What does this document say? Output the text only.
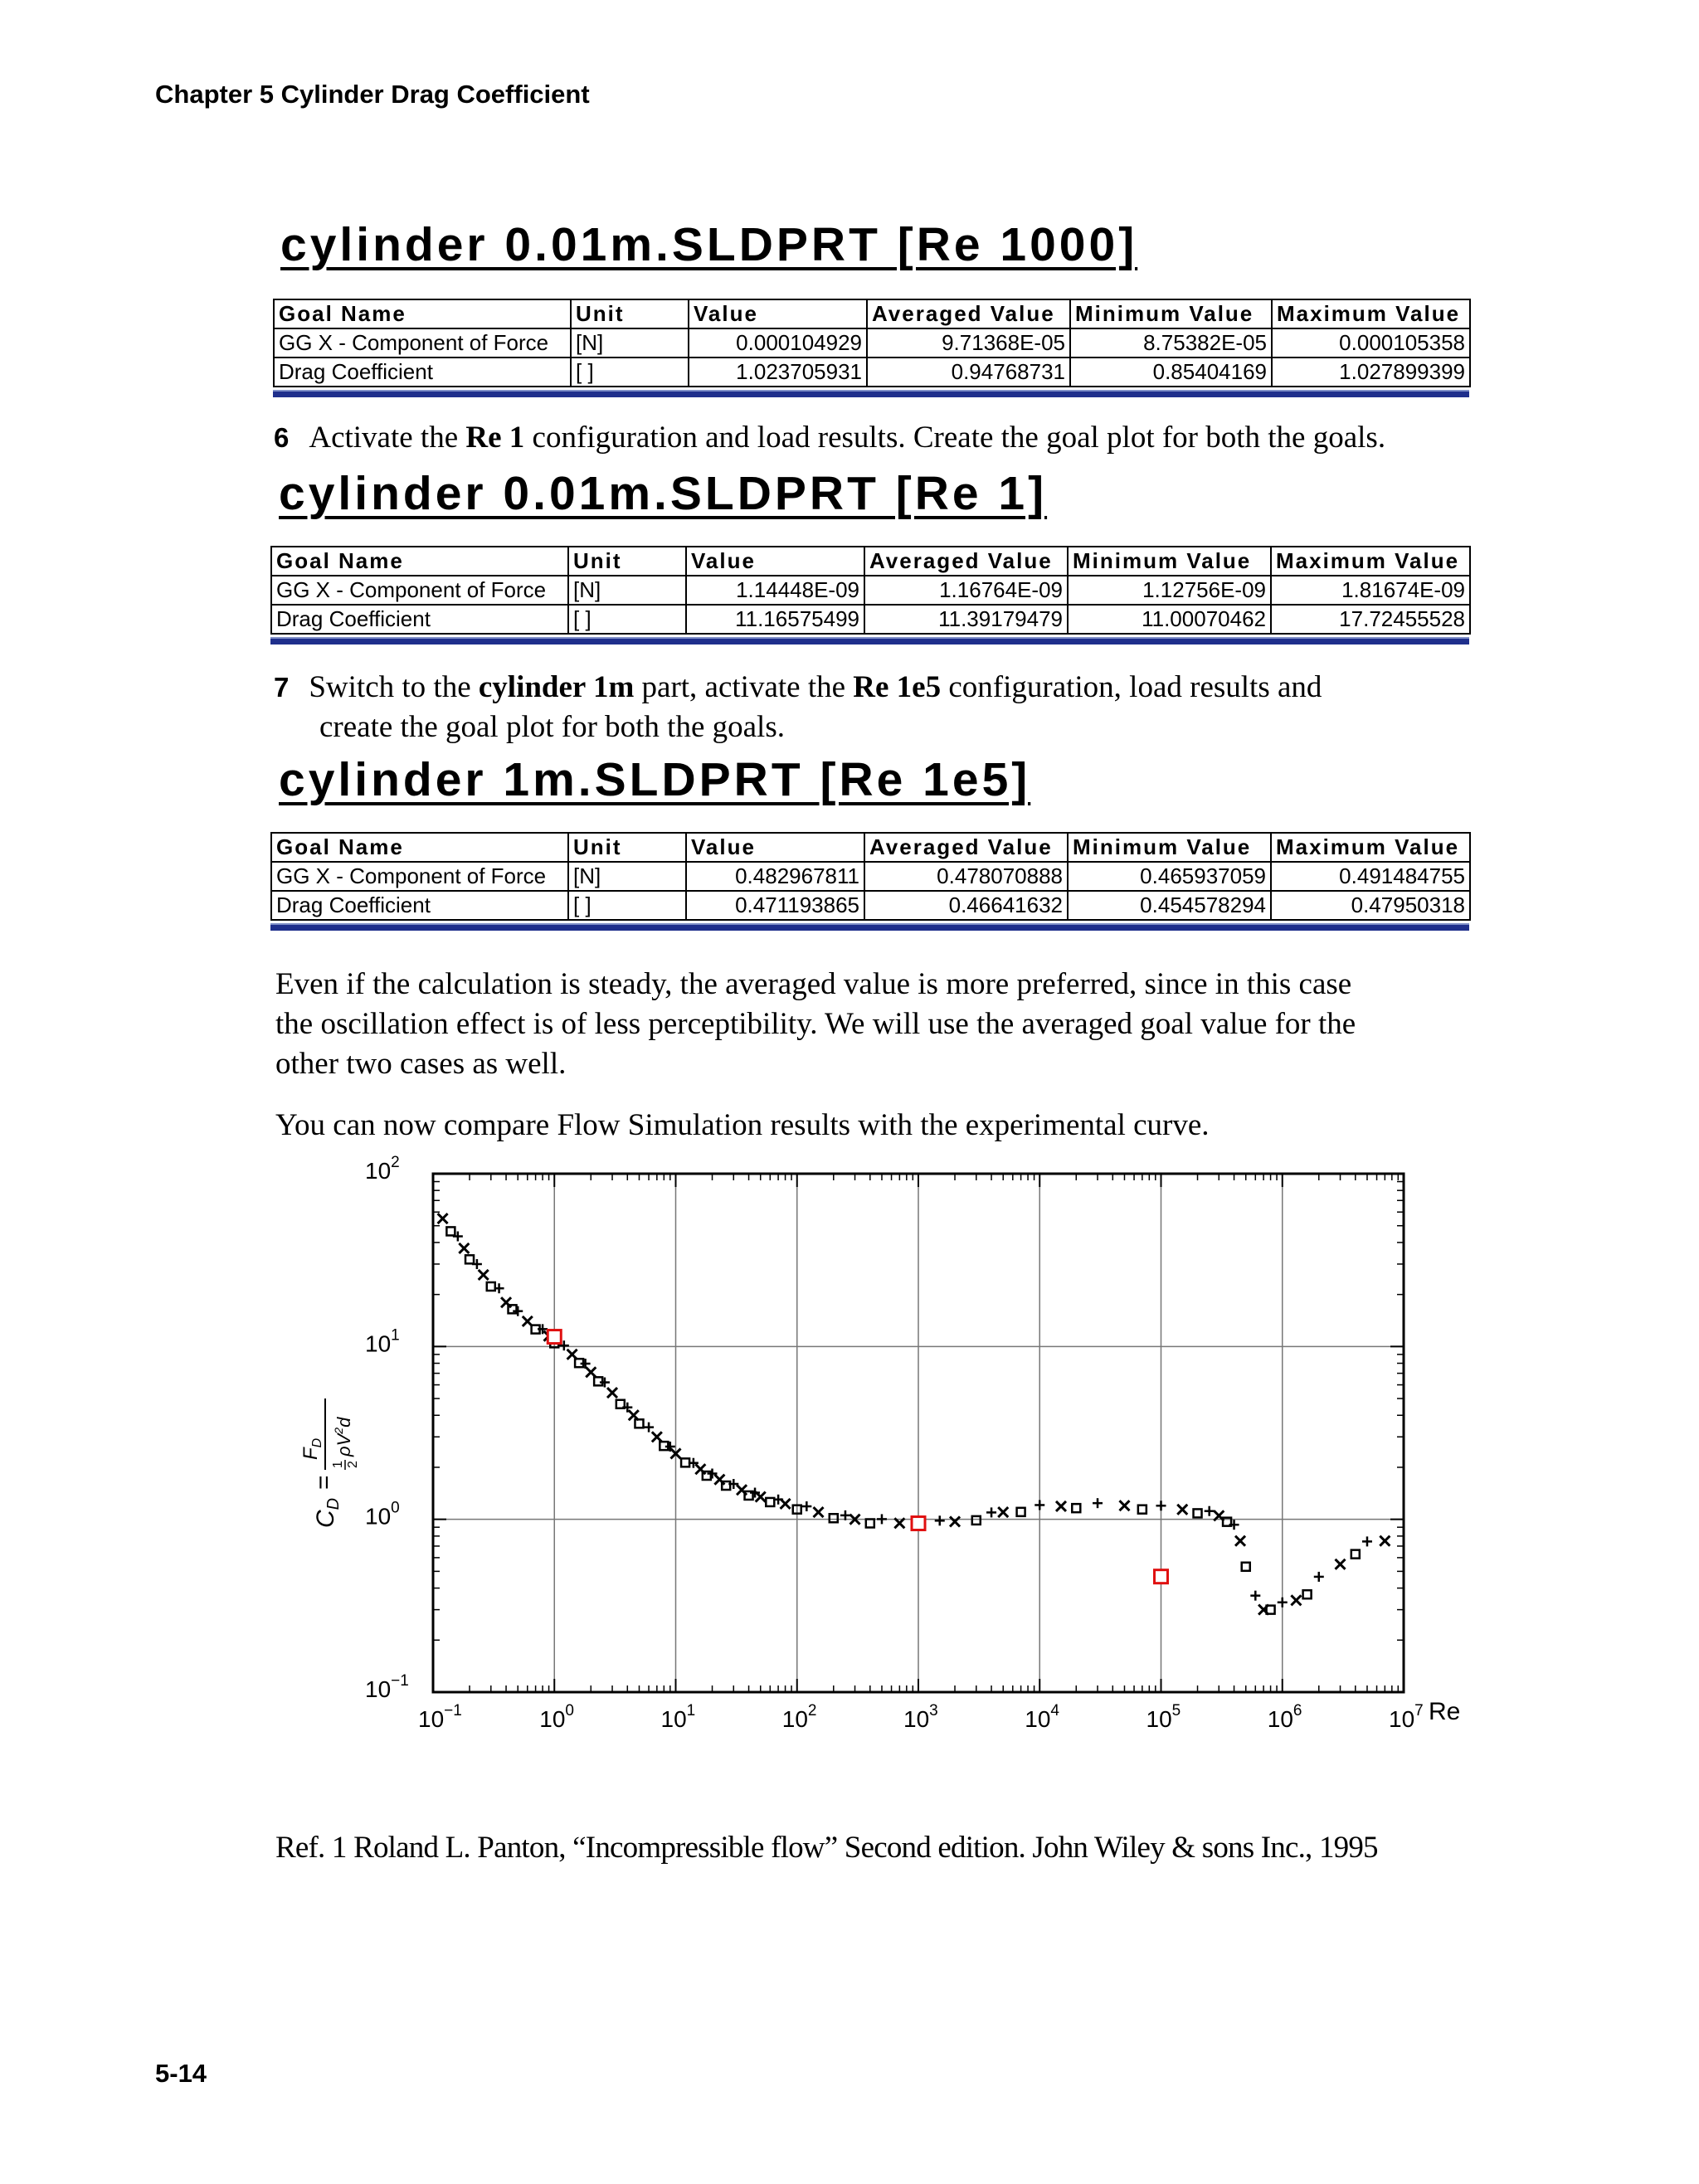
Chapter 5 Cylinder Drag Coefficient
cylinder 0.01m.SLDPRT [Re 1000]
Goal Name	Unit	Value	Averaged Value	Minimum Value	Maximum Value
GG X - Component of Force	[N]	0.000104929	9.71368E-05	8.75382E-05	0.000105358
Drag Coefficient	[ ]	1.023705931	0.94768731	0.85404169	1.027899399
6 Activate the Re 1 configuration and load results. Create the goal plot for both the goals.
cylinder 0.01m.SLDPRT [Re 1]
Goal Name	Unit	Value	Averaged Value	Minimum Value	Maximum Value
GG X - Component of Force	[N]	1.14448E-09	1.16764E-09	1.12756E-09	1.81674E-09
Drag Coefficient	[ ]	11.16575499	11.39179479	11.00070462	17.72455528
7 Switch to the cylinder 1m part, activate the Re 1e5 configuration, load results and
create the goal plot for both the goals.
cylinder 1m.SLDPRT [Re 1e5]
Goal Name	Unit	Value	Averaged Value	Minimum Value	Maximum Value
GG X - Component of Force	[N]	0.482967811	0.478070888	0.465937059	0.491484755
Drag Coefficient	[ ]	0.471193865	0.46641632	0.454578294	0.47950318
Even if the calculation is steady, the averaged value is more preferred, since in this case
the oscillation effect is of less perceptibility. We will use the averaged goal value for the
other two cases as well.
You can now compare Flow Simulation results with the experimental curve.
$10^{-1}$	$10^0$	$10^1$	$10^2$	$10^3$	$10^4$	$10^5$	$10^6$	$10^7$
$10^{-1}$
$10^0$
$10^1$
$10^2$
$C_D$
=
$F_D$
1 2
$\rho V^2d$
Re
Ref. 1 Roland L. Panton, “Incompressible flow” Second edition. John Wiley & sons Inc., 1995
5-14
